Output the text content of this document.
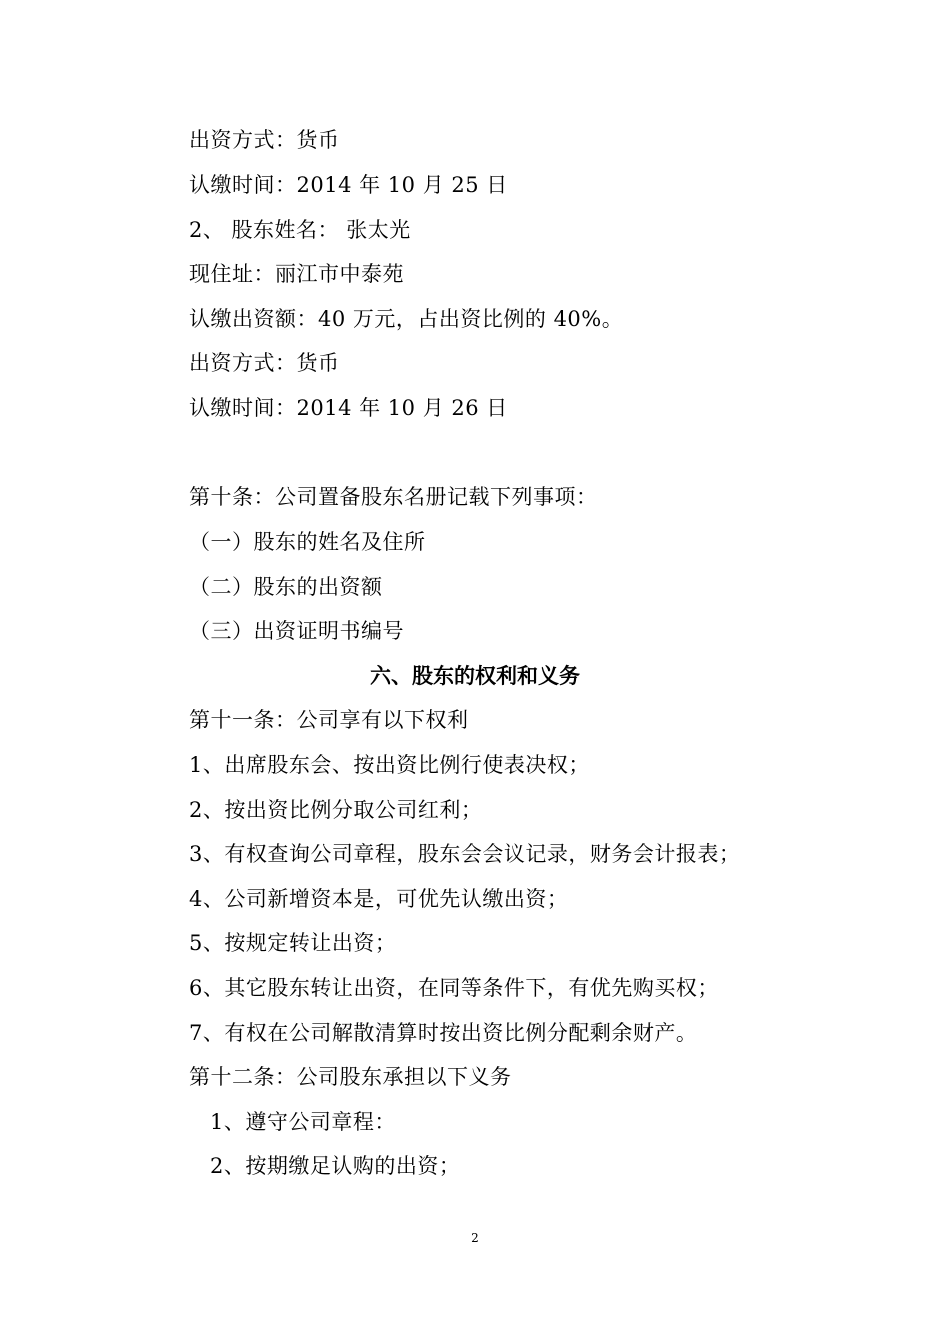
出资方式：货币
认缴时间：2014 年 10 月 25 日
2、 股东姓名： 张太光
现住址：丽江市中泰苑
认缴出资额：40 万元，占出资比例的 40%。
出资方式：货币
认缴时间：2014 年 10 月 26 日
第十条：公司置备股东名册记载下列事项：
（一）股东的姓名及住所
（二）股东的出资额
（三）出资证明书编号
六、股东的权利和义务
第十一条：公司享有以下权利
1、出席股东会、按出资比例行使表决权；
2、按出资比例分取公司红利；
3、有权查询公司章程，股东会会议记录，财务会计报表；
4、公司新增资本是，可优先认缴出资；
5、按规定转让出资；
6、其它股东转让出资，在同等条件下，有优先购买权；
7、有权在公司解散清算时按出资比例分配剩余财产。
第十二条：公司股东承担以下义务
1、遵守公司章程：
2、按期缴足认购的出资；
2
